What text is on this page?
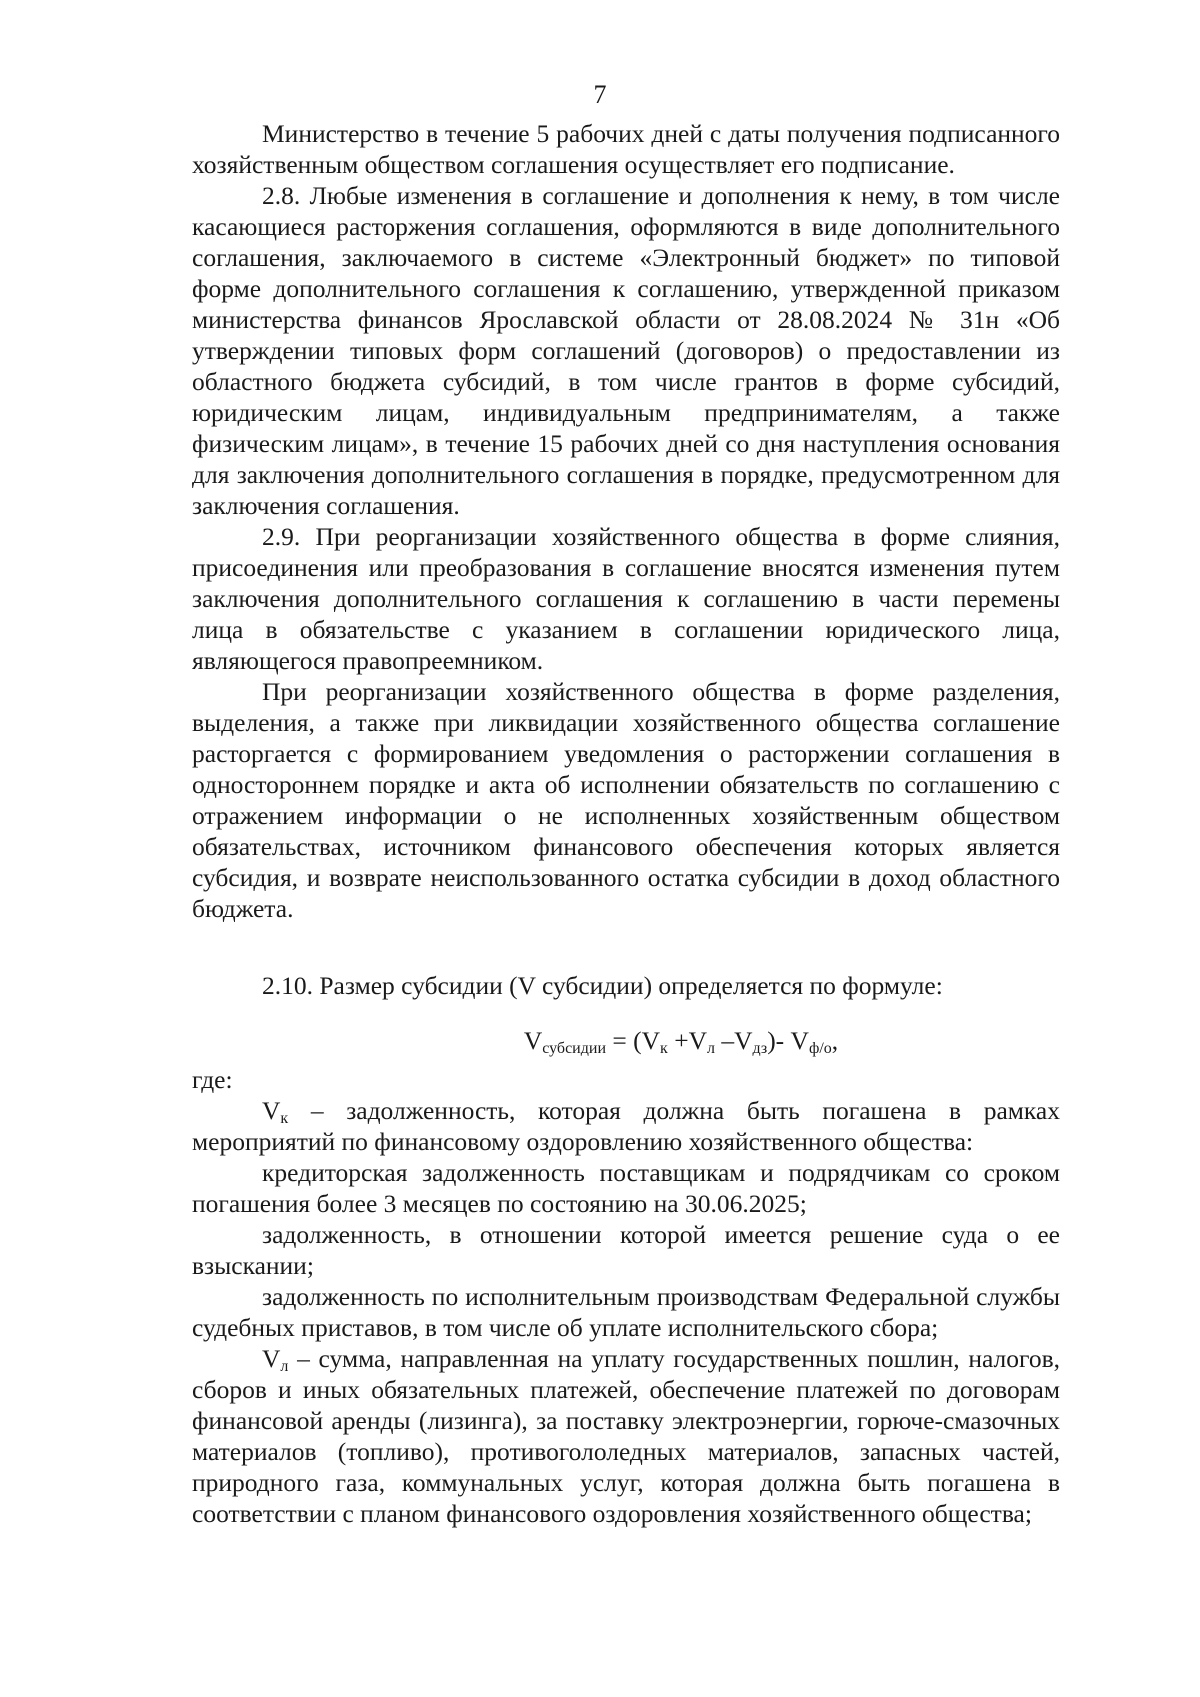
7

Министерство в течение 5 рабочих дней с даты получения подписанного хозяйственным обществом соглашения осуществляет его подписание.

2.8. Любые изменения в соглашение и дополнения к нему, в том числе касающиеся расторжения соглашения, оформляются в виде дополнительного соглашения, заключаемого в системе «Электронный бюджет» по типовой форме дополнительного соглашения к соглашению, утвержденной приказом министерства финансов Ярославской области от 28.08.2024 № 31н «Об утверждении типовых форм соглашений (договоров) о предоставлении из областного бюджета субсидий, в том числе грантов в форме субсидий, юридическим лицам, индивидуальным предпринимателям, а также физическим лицам», в течение 15 рабочих дней со дня наступления основания для заключения дополнительного соглашения в порядке, предусмотренном для заключения соглашения.

2.9. При реорганизации хозяйственного общества в форме слияния, присоединения или преобразования в соглашение вносятся изменения путем заключения дополнительного соглашения к соглашению в части перемены лица в обязательстве с указанием в соглашении юридического лица, являющегося правопреемником.

При реорганизации хозяйственного общества в форме разделения, выделения, а также при ликвидации хозяйственного общества соглашение расторгается с формированием уведомления о расторжении соглашения в одностороннем порядке и акта об исполнении обязательств по соглашению с отражением информации о не исполненных хозяйственным обществом обязательствах, источником финансового обеспечения которых является субсидия, и возврате неиспользованного остатка субсидии в доход областного бюджета.

2.10. Размер субсидии (V субсидии) определяется по формуле:

$V_{субсидии} = (V_к +V_л$ $-V_{дз})-$ $V_{ф/о}$,

где:

$V_к$ – задолженность, которая должна быть погашена в рамках мероприятий по финансовому оздоровлению хозяйственного общества:

кредиторская задолженность поставщикам и подрядчикам со сроком погашения более 3 месяцев по состоянию на 30.06.2025;

задолженность, в отношении которой имеется решение суда о ее взыскании;

задолженность по исполнительным производствам Федеральной службы судебных приставов, в том числе об уплате исполнительского сбора;

$V_л$ – сумма, направленная на уплату государственных пошлин, налогов, сборов и иных обязательных платежей, обеспечение платежей по договорам финансовой аренды (лизинга), за поставку электроэнергии, горюче-смазочных материалов (топливо), противогололедных материалов, запасных частей, природного газа, коммунальных услуг, которая должна быть погашена в соответствии с планом финансового оздоровления хозяйственного общества;
